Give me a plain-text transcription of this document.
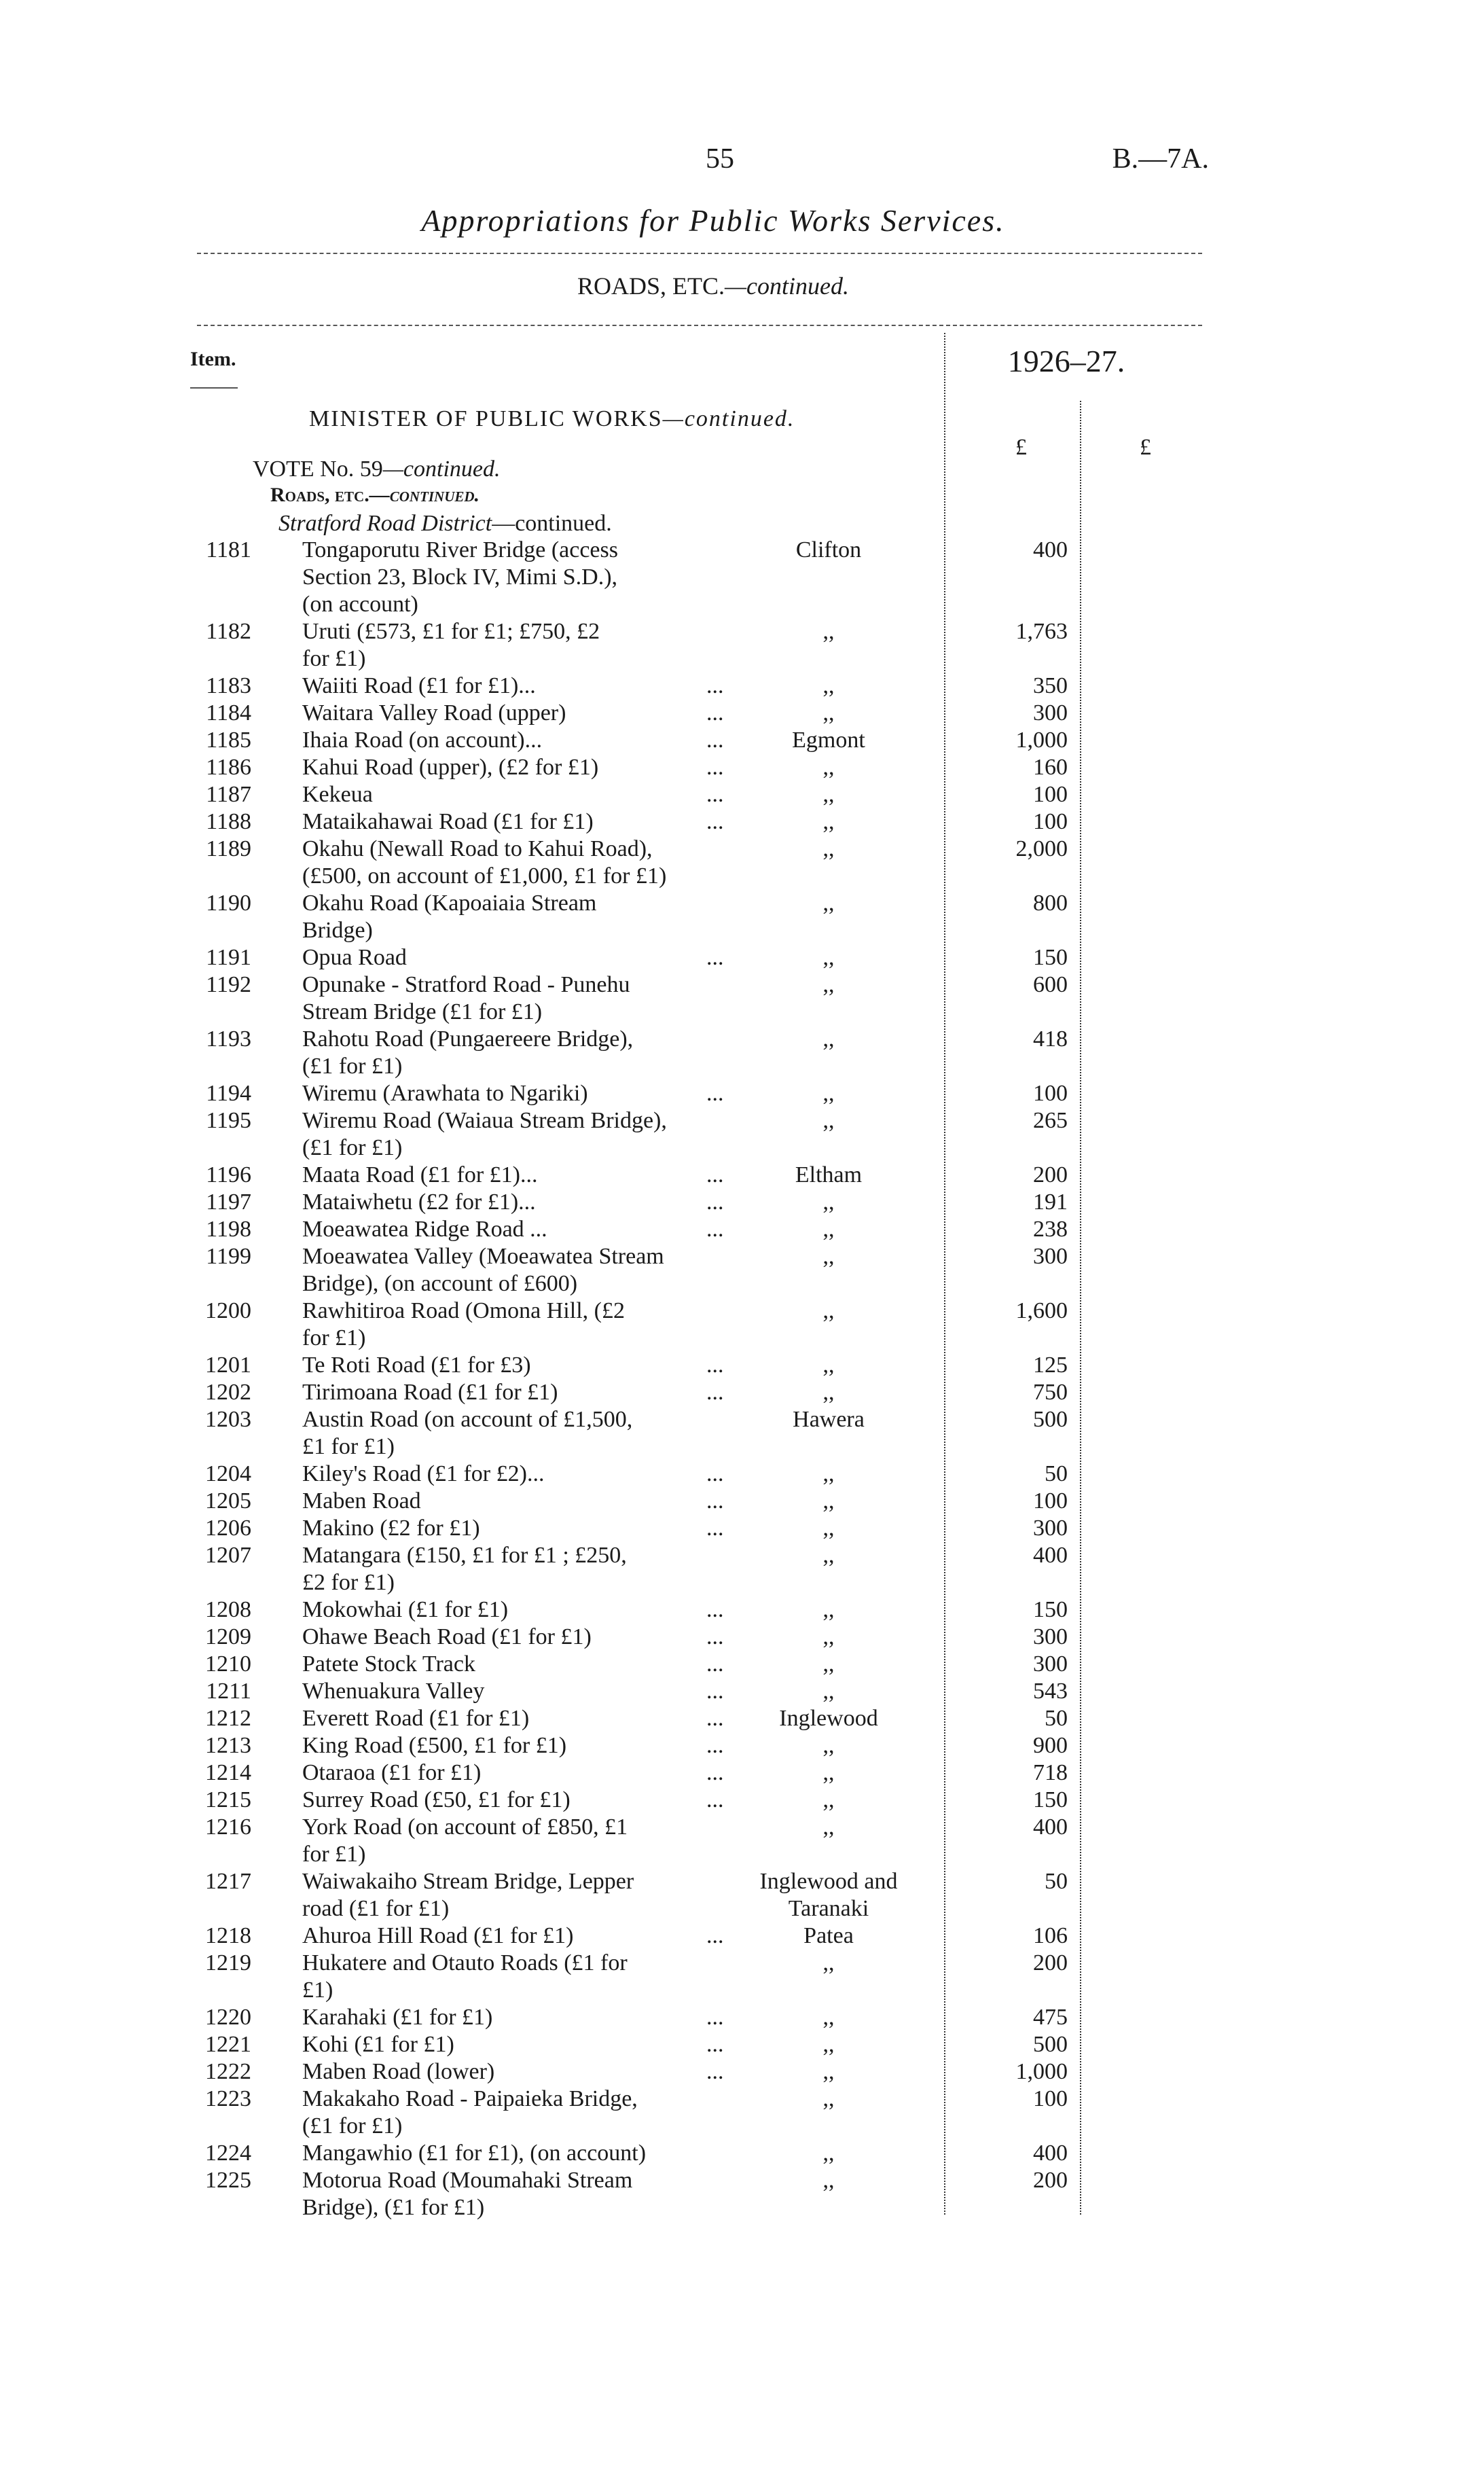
55	B.—7A.
Appropriations for Public Works Services.
ROADS, ETC.—continued.
Item.	1926–27.
£	£
MINISTER OF PUBLIC WORKS—continued.
VOTE No. 59—continued.
Roads, etc.—continued.
Stratford Road District—continued.
1181 Tongaporutu River Bridge (access
Section 23, Block IV, Mimi S.D.),
(on account)
Clifton	400
1182 Uruti (£573, £1 for £1; £750, £2
for £1)
,,	1,763
1183 Waiiti Road (£1 for £1)...	...	,,	350
1184 Waitara Valley Road (upper)	...	,,	300
1185 Ihaia Road (on account)...	...	Egmont	1,000
1186 Kahui Road (upper), (£2 for £1)	...	,,	160
1187 Kekeua	...	,,	100
1188 Mataikahawai Road (£1 for £1)	...	,,	100
1189 Okahu (Newall Road to Kahui Road),
(£500, on account of £1,000, £1 for £1)
,,	2,000
1190 Okahu Road (Kapoaiaia Stream
Bridge)
,,	800
1191 Opua Road	...	,,	150
1192 Opunake - Stratford Road - Punehu
Stream Bridge (£1 for £1)
,,	600
1193 Rahotu Road (Pungaereere Bridge),
(£1 for £1)
,,	418
1194 Wiremu (Arawhata to Ngariki)	...	,,	100
1195 Wiremu Road (Waiaua Stream Bridge),
(£1 for £1)
,,	265
1196 Maata Road (£1 for £1)...	...	Eltham	200
1197 Mataiwhetu (£2 for £1)...	...	,,	191
1198 Moeawatea Ridge Road ...	...	,,	238
1199 Moeawatea Valley (Moeawatea Stream
Bridge), (on account of £600)
,,	300
1200 Rawhitiroa Road (Omona Hill, (£2
for £1)
,,	1,600
1201 Te Roti Road (£1 for £3)	...	,,	125
1202 Tirimoana Road (£1 for £1)	...	,,	750
1203 Austin Road (on account of £1,500,
£1 for £1)
Hawera	500
1204 Kiley's Road (£1 for £2)...	...	,,	50
1205 Maben Road	...	,,	100
1206 Makino (£2 for £1)	...	,,	300
1207 Matangara (£150, £1 for £1 ; £250,
£2 for £1)
,,	400
1208 Mokowhai (£1 for £1)	...	,,	150
1209 Ohawe Beach Road (£1 for £1)	...	,,	300
1210 Patete Stock Track	...	,,	300
1211 Whenuakura Valley	...	,,	543
1212 Everett Road (£1 for £1)	...	Inglewood	50
1213 King Road (£500, £1 for £1)	...	,,	900
1214 Otaraoa (£1 for £1)	...	,,	718
1215 Surrey Road (£50, £1 for £1)	...	,,	150
1216 York Road (on account of £850, £1
for £1)
,,	400
1217 Waiwakaiho Stream Bridge, Lepper
road (£1 for £1)
Inglewood and
Taranaki
50
1218 Ahuroa Hill Road (£1 for £1)	...	Patea	106
1219 Hukatere and Otauto Roads (£1 for
£1)
,,	200
1220 Karahaki (£1 for £1)	...	,,	475
1221 Kohi (£1 for £1)	...	,,	500
1222 Maben Road (lower)	...	,,	1,000
1223 Makakaho Road - Paipaieka Bridge,
(£1 for £1)
,,	100
1224 Mangawhio (£1 for £1), (on account)	,,	400
1225 Motorua Road (Moumahaki Stream
Bridge), (£1 for £1)
,,	200
